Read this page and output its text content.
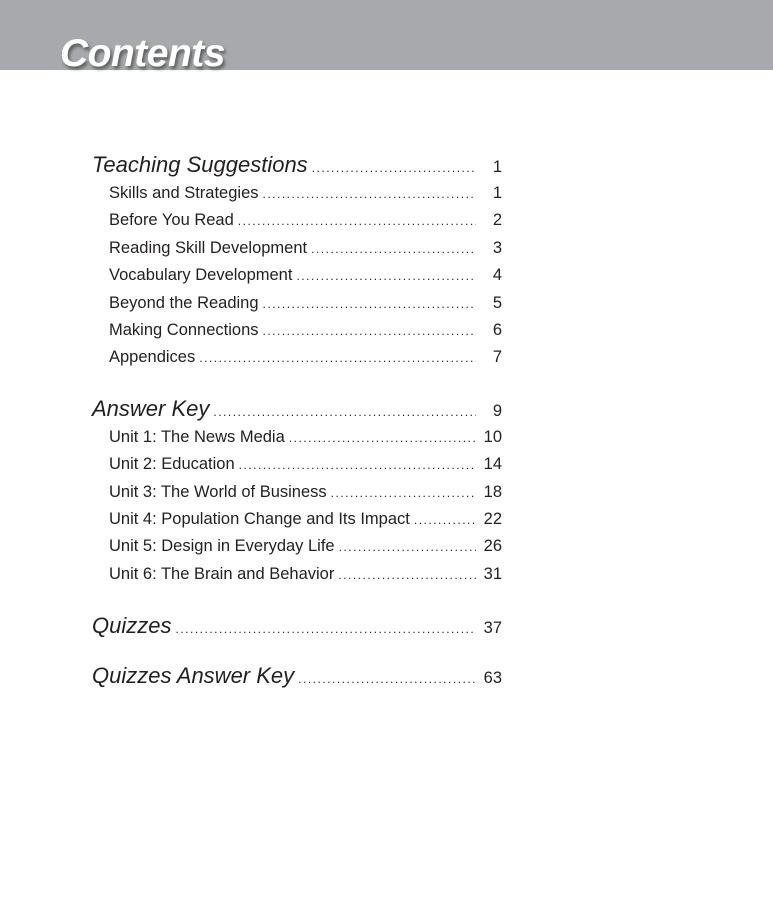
Contents
Teaching Suggestions .....	1
Skills and Strategies .....	1
Before You Read .....	2
Reading Skill Development .....	3
Vocabulary Development .....	4
Beyond the Reading .....	5
Making Connections .....	6
Appendices .....	7
Answer Key .....	9
Unit 1: The News Media .....	10
Unit 2: Education .....	14
Unit 3: The World of Business .....	18
Unit 4: Population Change and Its Impact .....	22
Unit 5: Design in Everyday Life .....	26
Unit 6: The Brain and Behavior .....	31
Quizzes .....	37
Quizzes Answer Key .....	63
